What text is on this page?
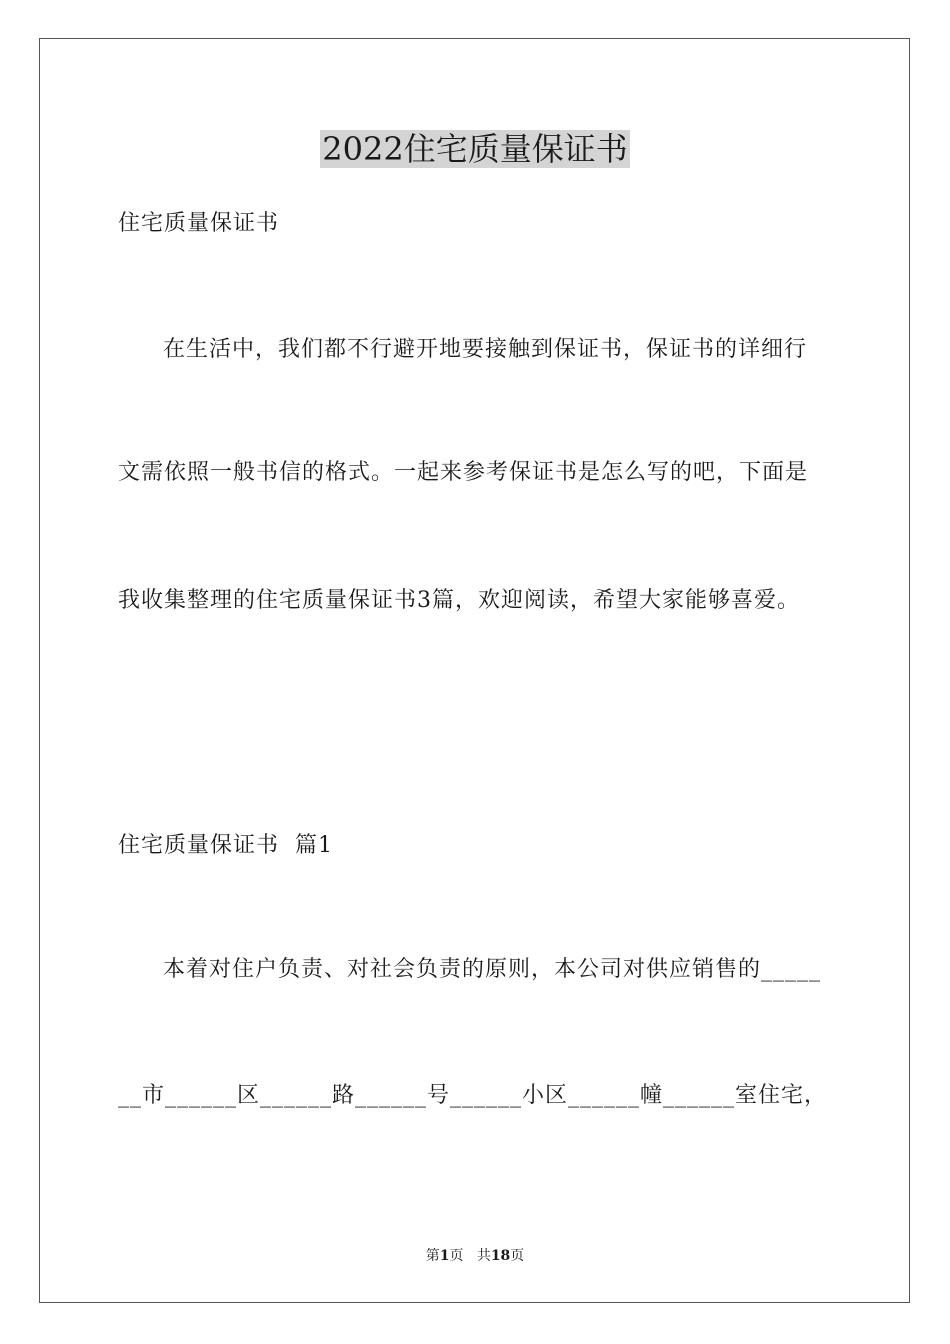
2022住宅质量保证书
住宅质量保证书
在生活中，我们都不行避开地要接触到保证书，保证书的详细行
文需依照一般书信的格式。一起来参考保证书是怎么写的吧，下面是
我收集整理的住宅质量保证书3篇，欢迎阅读，希望大家能够喜爱。
住宅质量保证书  篇1
本着对住户负责、对社会负责的原则，本公司对供应销售的_____
__市______区______路______号______小区______幢______室住宅，
第1页 共18页
